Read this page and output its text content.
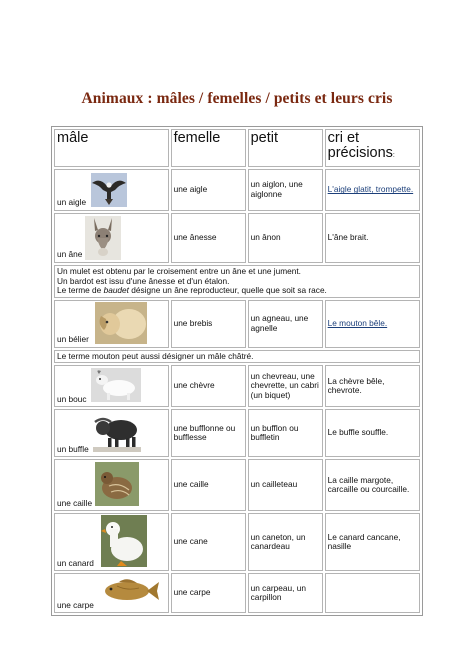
Animaux : mâles / femelles / petits et leurs cris
mâle	femelle	petit	cri et précisions:

un aigle	une aigle	un aiglon, une aiglonne	L'aigle glatit, trompette.

un âne	une ânesse	un ânon	L'âne brait.

Un mulet est obtenu par le croisement entre un âne et une jument.
Un bardot est issu d'une ânesse et d'un étalon.
Le terme de baudet désigne un âne reproducteur, quelle que soit sa race.			

un bélier	une brebis	un agneau, une agnelle	Le mouton bêle.
Le terme mouton peut aussi désigner un mâle châtré.			

un bouc	une chèvre	un chevreau, une chevrette, un cabri (un biquet)	La chèvre bêle, chevrote.

un buffle	une bufflonne ou bufflesse	un bufflon ou buffletin	Le buffle souffle.

une caille	une caille	un cailleteau	La caille margote, carcaille ou courcaille.

un canard	une cane	un caneton, un canardeau	Le canard cancane, nasille

une carpe	une carpe	un carpeau, un carpillon	
